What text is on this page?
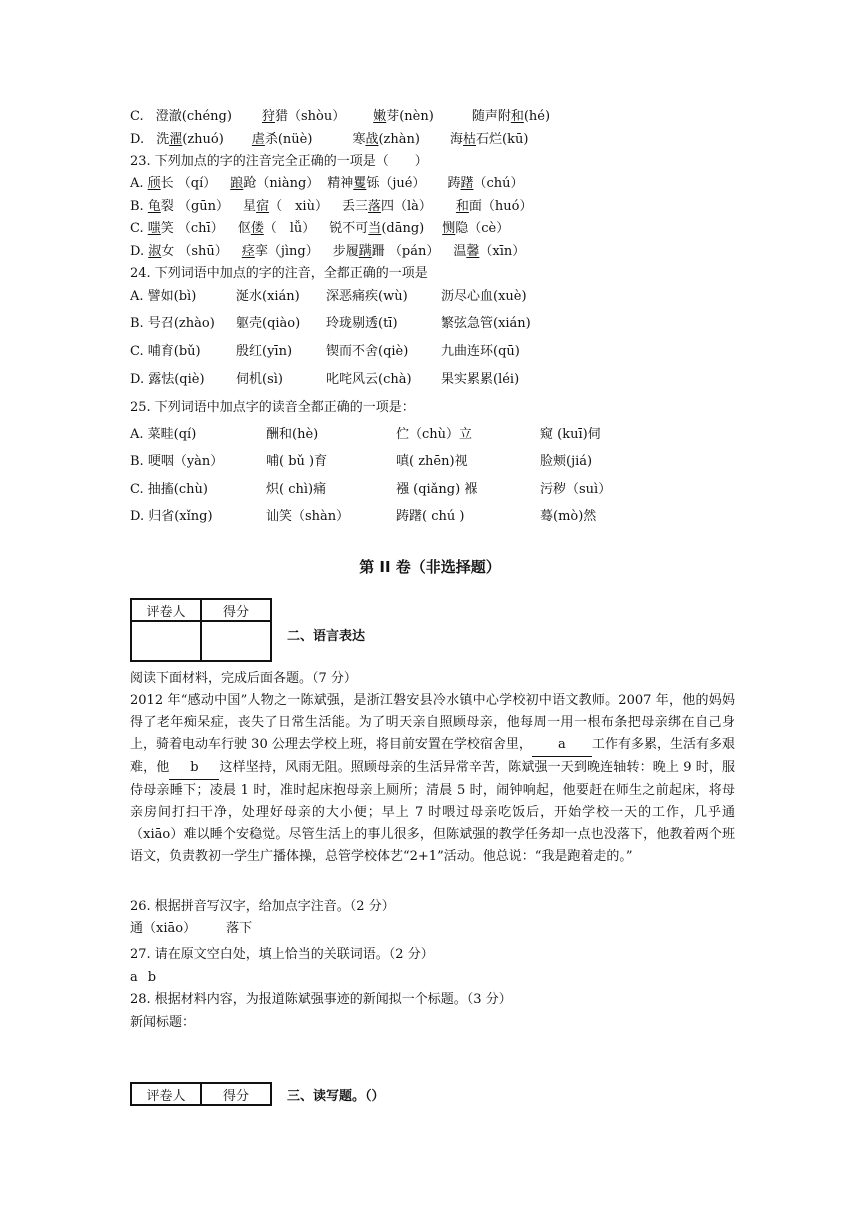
C. 澄澈(chéng) 狩猎（shòu） 嫩芽(nèn)	随声附和(hé)
D. 洗濯(zhuó) 虐杀(nüè)	寒战(zhàn) 海枯石烂(kū)
23. 下列加点的字的注音完全正确的一项是（　　）
A. 颀长 （qí） 踉跄（niàng） 精神矍铄（jué） 踌躇（chú）
B. 龟裂 （gūn） 星宿（　xiù） 丢三落四（là） 和面（huó）
C. 嗤笑 （chī） 伛偻（　lǚ） 锐不可当(dāng) 恻隐（cè）
D. 淑女 （shū） 痉挛（jìng） 步履蹒跚 （pán） 温馨（xīn）
24. 下列词语中加点的字的注音，全都正确的一项是
A. 譬如(bì)	涎水(xián) 深恶痛疾(wù)	沥尽心血(xuè)
B. 号召(zhào) 躯壳(qiào) 玲珑剔透(tī)	繁弦急管(xián)
C. 哺育(bǔ)	殷红(yīn)	锲而不舍(qiè)	九曲连环(qū)
D. 露怯(qiè) 伺机(sì)	叱咤风云(chà) 果实累累(léi)
25. 下列词语中加点字的读音全都正确的一项是：
A. 菜畦(qí)	酬和(hè)	伫（chù）立	窥 (kuī)伺
B. 哽咽（yàn）	哺( bǔ )育	嗔( zhēn)视	脸颊(jiá)
C. 抽搐(chù)	炽( chì)痛	襁 (qiǎng) 褓	污秽（suì）
D. 归省(xǐng)	讪笑（shàn）	踌躇( chú )	蓦(mò)然
第 II 卷（非选择题）
评卷人	得分

二、语言表达
阅读下面材料，完成后面各题。（7 分）
2012 年“感动中国”人物之一陈斌强，是浙江磐安县冷水镇中心学校初中语文教师。2007 年，他的妈妈得了老年痴呆症，丧失了日常生活能。为了明天亲自照顾母亲，他每周一用一根布条把母亲绑在自己身上，骑着电动车行驶 30 公理去学校上班，将目前安置在学校宿舍里， a 工作有多累，生活有多艰难，他 b 这样坚持，风雨无阻。照顾母亲的生活异常辛苦，陈斌强一天到晚连轴转：晚上 9 时，服侍母亲睡下；凌晨 1 时，准时起床抱母亲上厕所；清晨 5 时，闹钟响起，他要赶在师生之前起床，将母亲房间打扫干净，处理好母亲的大小便；早上 7 时喂过母亲吃饭后，开始学校一天的工作，几乎通（xiāo）难以睡个安稳觉。尽管生活上的事儿很多，但陈斌强的教学任务却一点也没落下，他教着两个班语文，负责教初一学生广播体操，总管学校体艺“2+1”活动。他总说：“我是跑着走的。”
26. 根据拼音写汉字，给加点字注音。（2 分）
通（xiāo） 落下
27. 请在原文空白处，填上恰当的关联词语。（2 分）
a b
28. 根据材料内容，为报道陈斌强事迹的新闻拟一个标题。（3 分）
新闻标题：
评卷人	得分	三、读写题。（）
